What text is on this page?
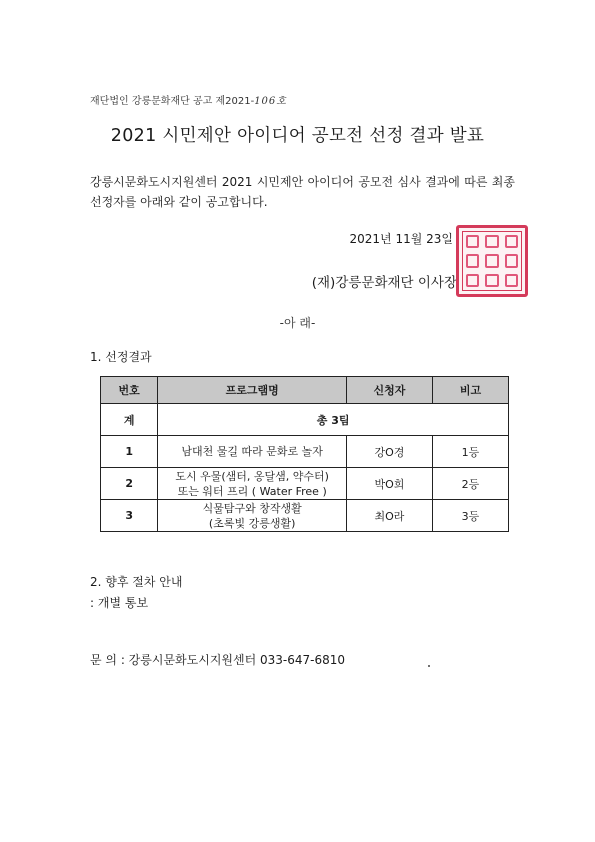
재단법인 강릉문화재단 공고 제2021-106호
2021 시민제안 아이디어 공모전 선정 결과 발표
강릉시문화도시지원센터 2021 시민제안 아이디어 공모전 심사 결과에 따른 최종 선정자를 아래와 같이 공고합니다.
2021년 11월 23일
(재)강릉문화재단 이사장
-아 래-
1. 선정결과
번호	프로그램명	신청자	비고
계	총 3팀		
1	남대천 물길 따라 문화로 놀자	강O경	1등
2	도시 우물(샘터, 옹달샘, 약수터)
또는 워터 프리 ( Water Free )	박O희	2등
3	식물탐구와 창작생활
(초록빛 강릉생활)	최O라	3등
2. 향후 절차 안내
: 개별 통보
문 의 : 강릉시문화도시지원센터 033-647-6810
